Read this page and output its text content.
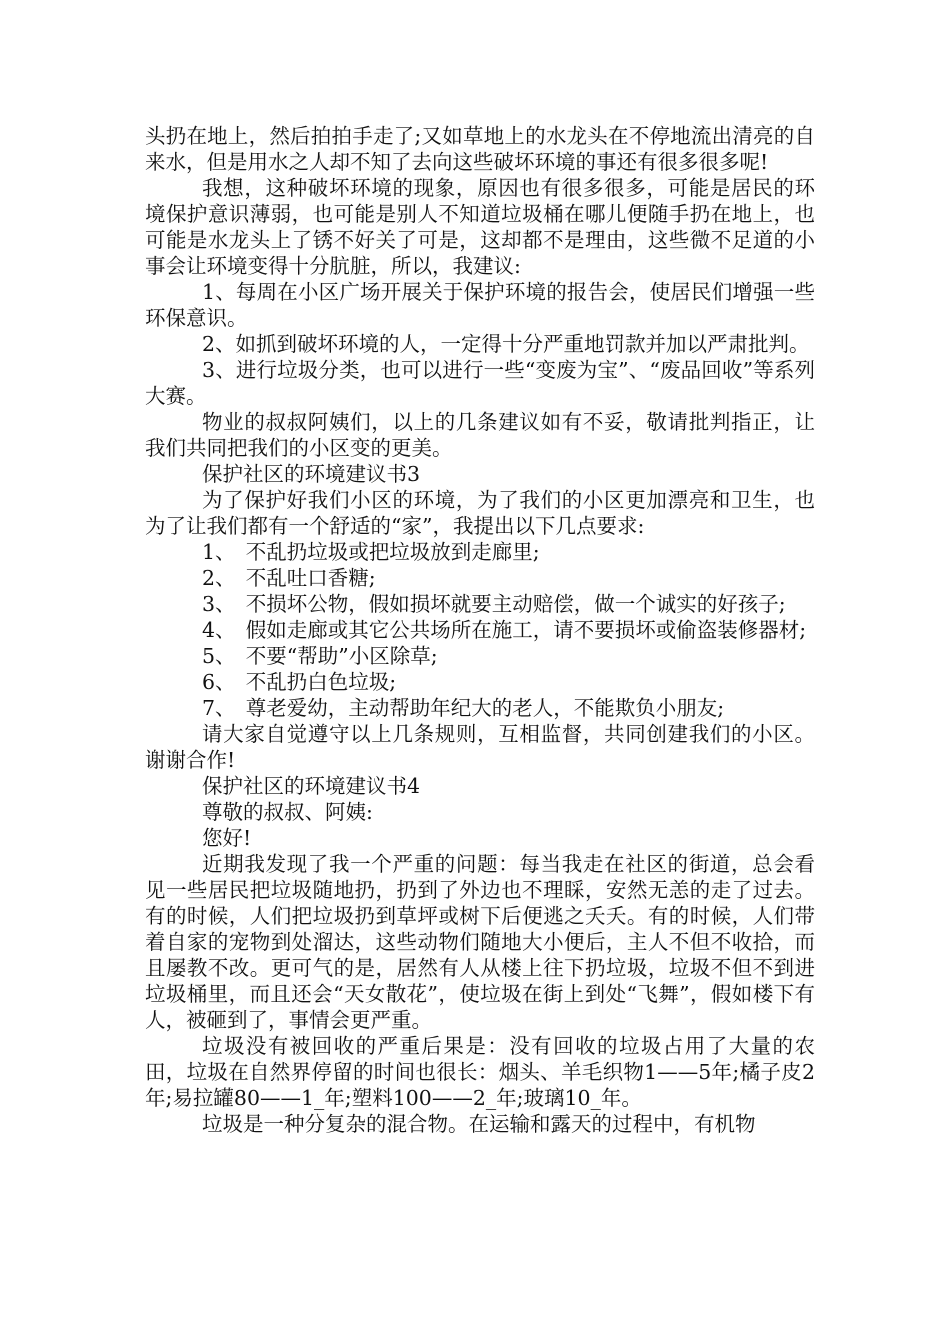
头扔在地上，然后拍拍手走了;又如草地上的水龙头在不停地流出清亮的自来水，但是用水之人却不知了去向这些破坏环境的事还有很多很多呢!

我想，这种破坏环境的现象，原因也有很多很多，可能是居民的环境保护意识薄弱，也可能是别人不知道垃圾桶在哪儿便随手扔在地上，也可能是水龙头上了锈不好关了可是，这却都不是理由，这些微不足道的小事会让环境变得十分肮脏，所以，我建议:

1、每周在小区广场开展关于保护环境的报告会，使居民们增强一些环保意识。

2、如抓到破坏环境的人，一定得十分严重地罚款并加以严肃批判。

3、进行垃圾分类，也可以进行一些“变废为宝”、“废品回收”等系列大赛。

物业的叔叔阿姨们，以上的几条建议如有不妥，敬请批判指正，让我们共同把我们的小区变的更美。

保护社区的环境建议书3

为了保护好我们小区的环境，为了我们的小区更加漂亮和卫生，也为了让我们都有一个舒适的“家”，我提出以下几点要求:

1、　不乱扔垃圾或把垃圾放到走廊里;

2、　不乱吐口香糖;

3、　不损坏公物，假如损坏就要主动赔偿，做一个诚实的好孩子;

4、　假如走廊或其它公共场所在施工，请不要损坏或偷盗装修器材;

5、　不要“帮助”小区除草;

6、　不乱扔白色垃圾;

7、　尊老爱幼，主动帮助年纪大的老人，不能欺负小朋友;

请大家自觉遵守以上几条规则，互相监督，共同创建我们的小区。谢谢合作!

保护社区的环境建议书4

尊敬的叔叔、阿姨:

您好!

近期我发现了我一个严重的问题：每当我走在社区的街道，总会看见一些居民把垃圾随地扔，扔到了外边也不理睬，安然无恙的走了过去。有的时候，人们把垃圾扔到草坪或树下后便逃之夭夭。有的时候，人们带着自家的宠物到处溜达，这些动物们随地大小便后，主人不但不收拾，而且屡教不改。更可气的是，居然有人从楼上往下扔垃圾，垃圾不但不到进垃圾桶里，而且还会“天女散花”，使垃圾在街上到处“飞舞”，假如楼下有人，被砸到了，事情会更严重。

垃圾没有被回收的严重后果是：没有回收的垃圾占用了大量的农田，垃圾在自然界停留的时间也很长：烟头、羊毛织物1——5年;橘子皮2年;易拉罐80——1_年;塑料100——2_年;玻璃10_年。

垃圾是一种分复杂的混合物。在运输和露天的过程中，有机物
